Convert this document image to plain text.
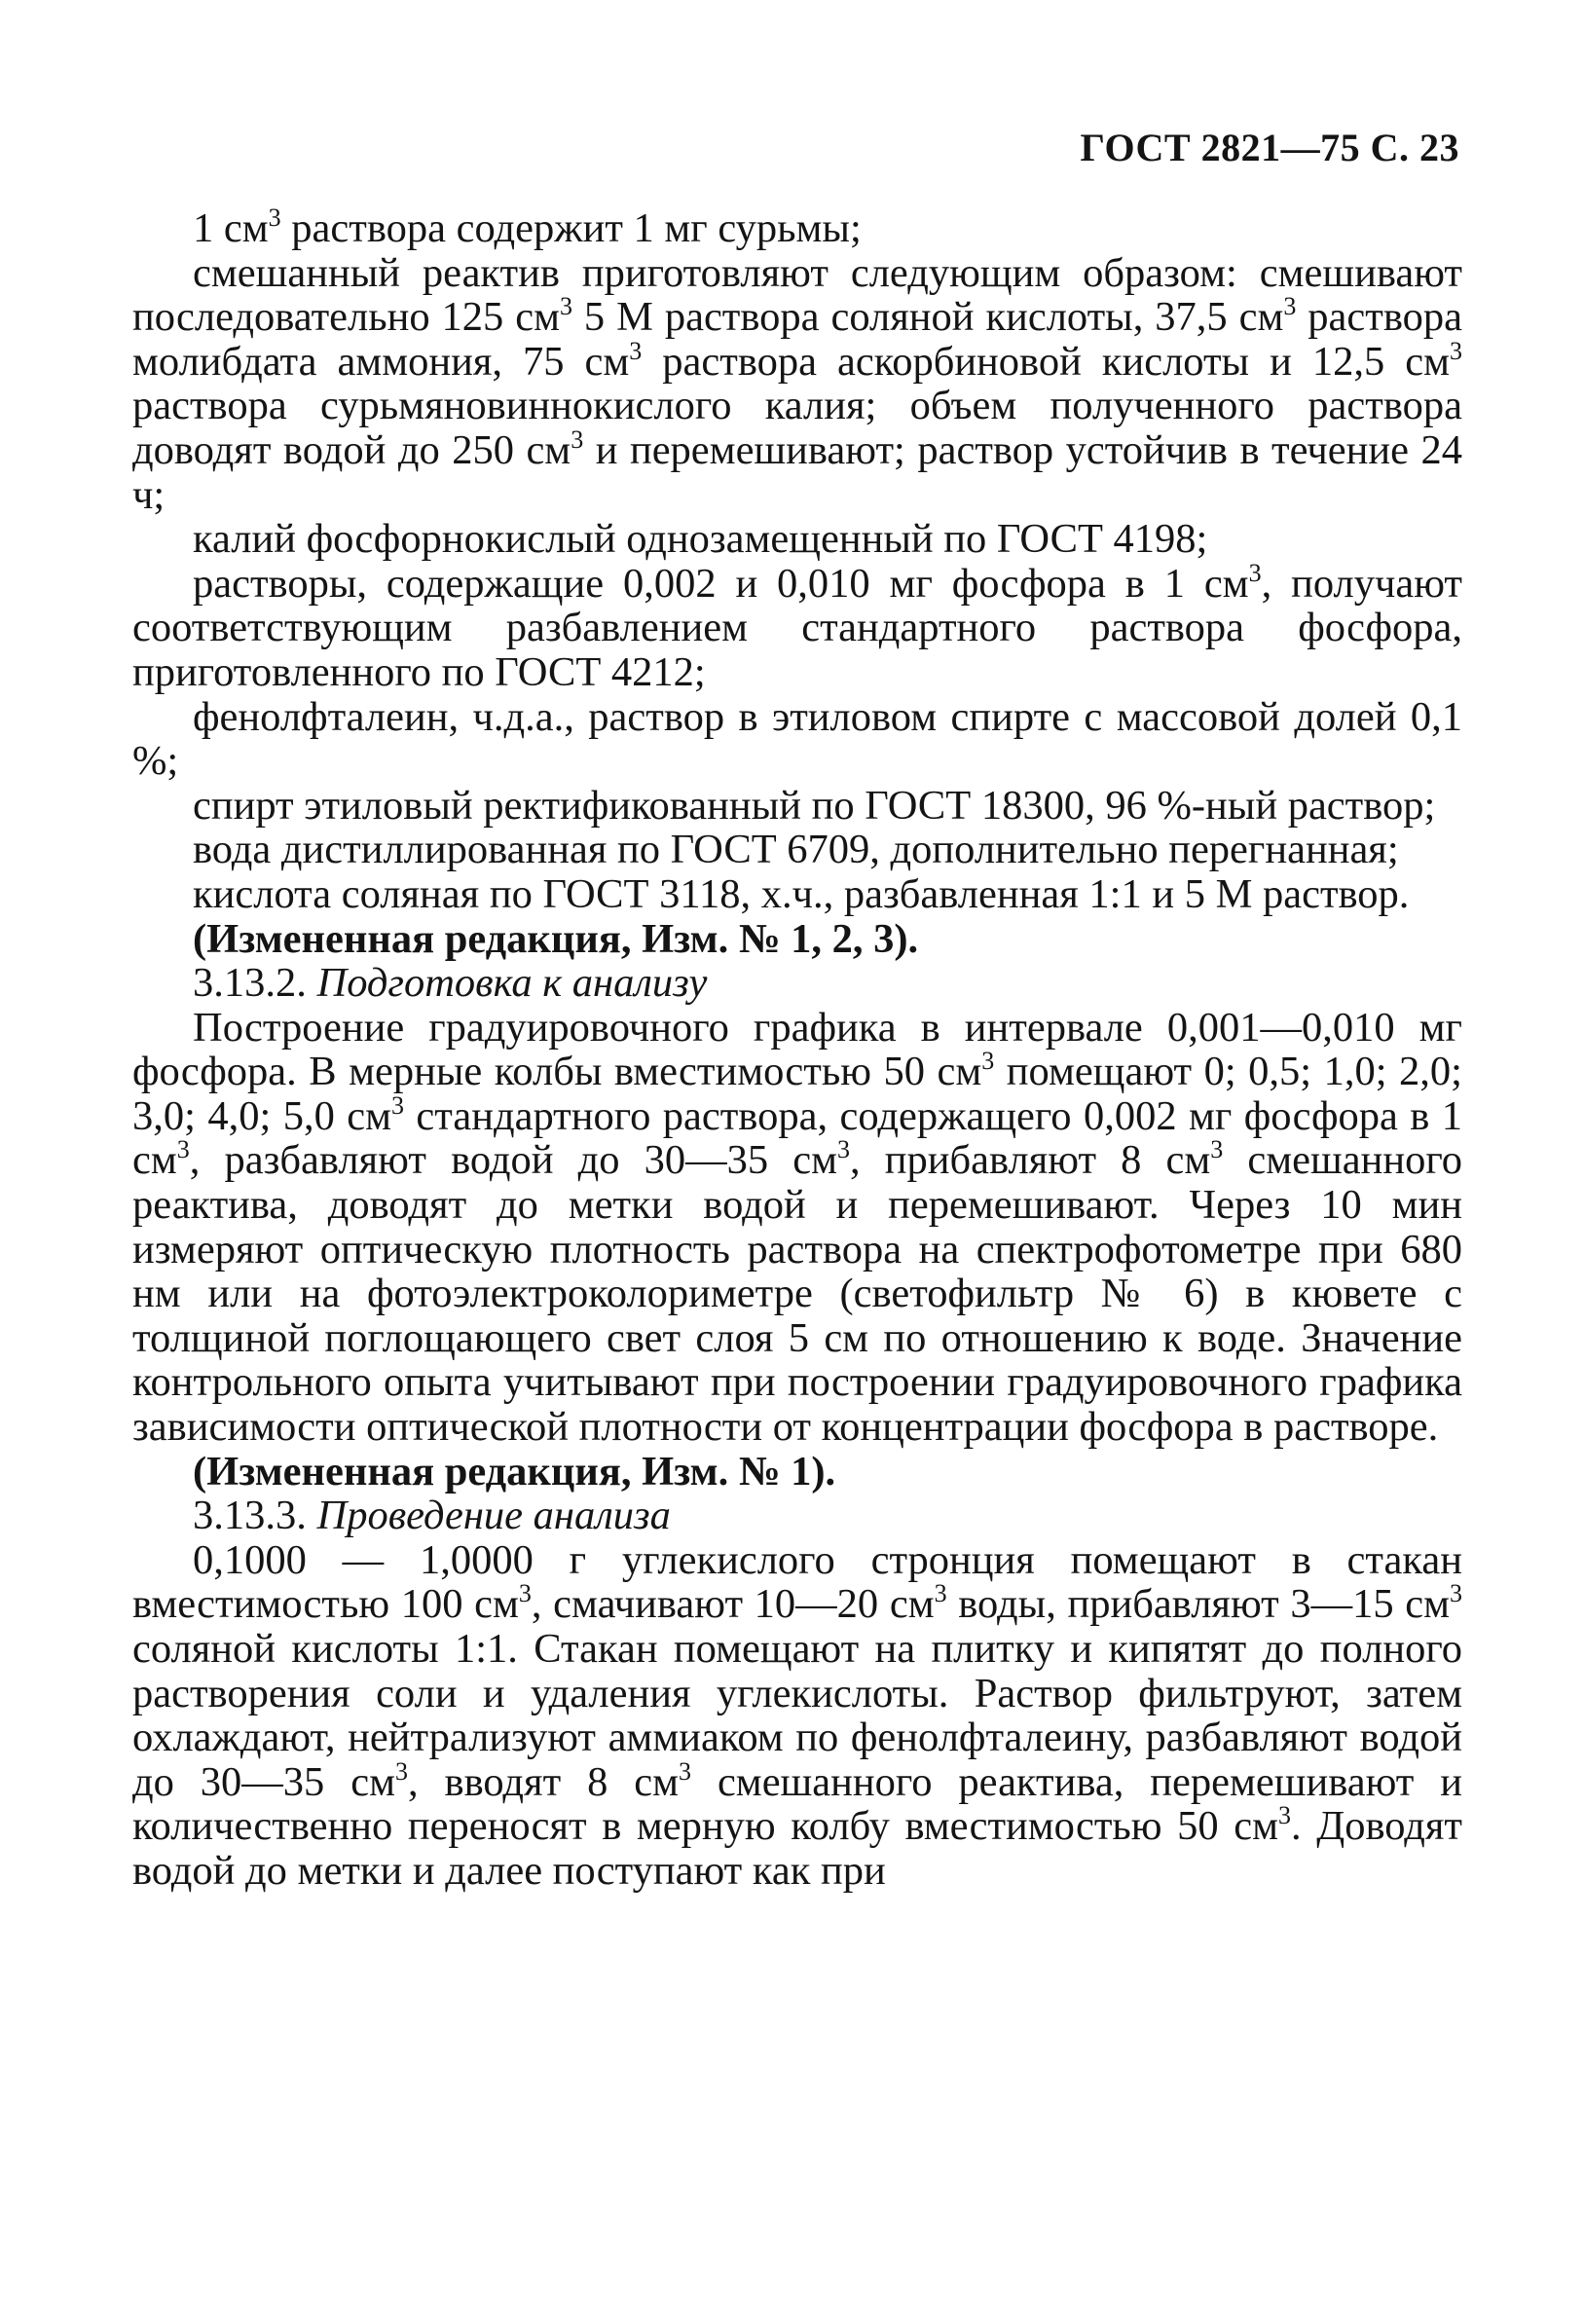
ГОСТ 2821—75 С. 23

1 $см^3$ раствора содержит 1 мг сурьмы;

смешанный реактив приготовляют следующим образом: смешивают последовательно 125 $см^3$ 5 М раствора соляной кислоты, 37,5 $см^3$ раствора молибдата аммония, 75 $см^3$ раствора аскорбиновой кислоты и 12,5 $см^3$ раствора сурьмяновиннокислого калия; объем полученного раствора доводят водой до 250 $см^3$ и перемешивают; раствор устойчив в течение 24 ч;

калий фосфорнокислый однозамещенный по ГОСТ 4198;

растворы, содержащие 0,002 и 0,010 мг фосфора в 1 $см^3$, получают соответствующим разбавлением стандартного раствора фосфора, приготовленного по ГОСТ 4212;

фенолфталеин, ч.д.а., раствор в этиловом спирте с массовой долей 0,1 %;

спирт этиловый ректификованный по ГОСТ 18300, 96 %-ный раствор;

вода дистиллированная по ГОСТ 6709, дополнительно перегнанная;

кислота соляная по ГОСТ 3118, х.ч., разбавленная 1:1 и 5 М раствор.

(Измененная редакция, Изм. № 1, 2, 3).

3.13.2. Подготовка к анализу

Построение градуировочного графика в интервале 0,001—0,010 мг фосфора. В мерные колбы вместимостью 50 $см^3$ помещают 0; 0,5; 1,0; 2,0; 3,0; 4,0; 5,0 $см^3$ стандартного раствора, содержащего 0,002 мг фосфора в 1 $см^3$, разбавляют водой до 30—35 $см^3$, прибавляют 8 $см^3$ смешанного реактива, доводят до метки водой и перемешивают. Через 10 мин измеряют оптическую плотность раствора на спектрофотометре при 680 нм или на фотоэлектроколориметре (светофильтр № 6) в кювете с толщиной поглощающего свет слоя 5 см по отношению к воде. Значение контрольного опыта учитывают при построении градуировочного графика зависимости оптической плотности от концентрации фосфора в растворе.

(Измененная редакция, Изм. № 1).

3.13.3. Проведение анализа

0,1000 — 1,0000 г углекислого стронция помещают в стакан вместимостью 100 $см^3$, смачивают 10—20 $см^3$ воды, прибавляют 3—15 $см^3$ соляной кислоты 1:1. Стакан помещают на плитку и кипятят до полного растворения соли и удаления углекислоты. Раствор фильтруют, затем охлаждают, нейтрализуют аммиаком по фенолфталеину, разбавляют водой до 30—35 $см^3$, вводят 8 $см^3$ смешанного реактива, перемешивают и количественно переносят в мерную колбу вместимостью 50 $см^3$. Доводят водой до метки и далее поступают как при
